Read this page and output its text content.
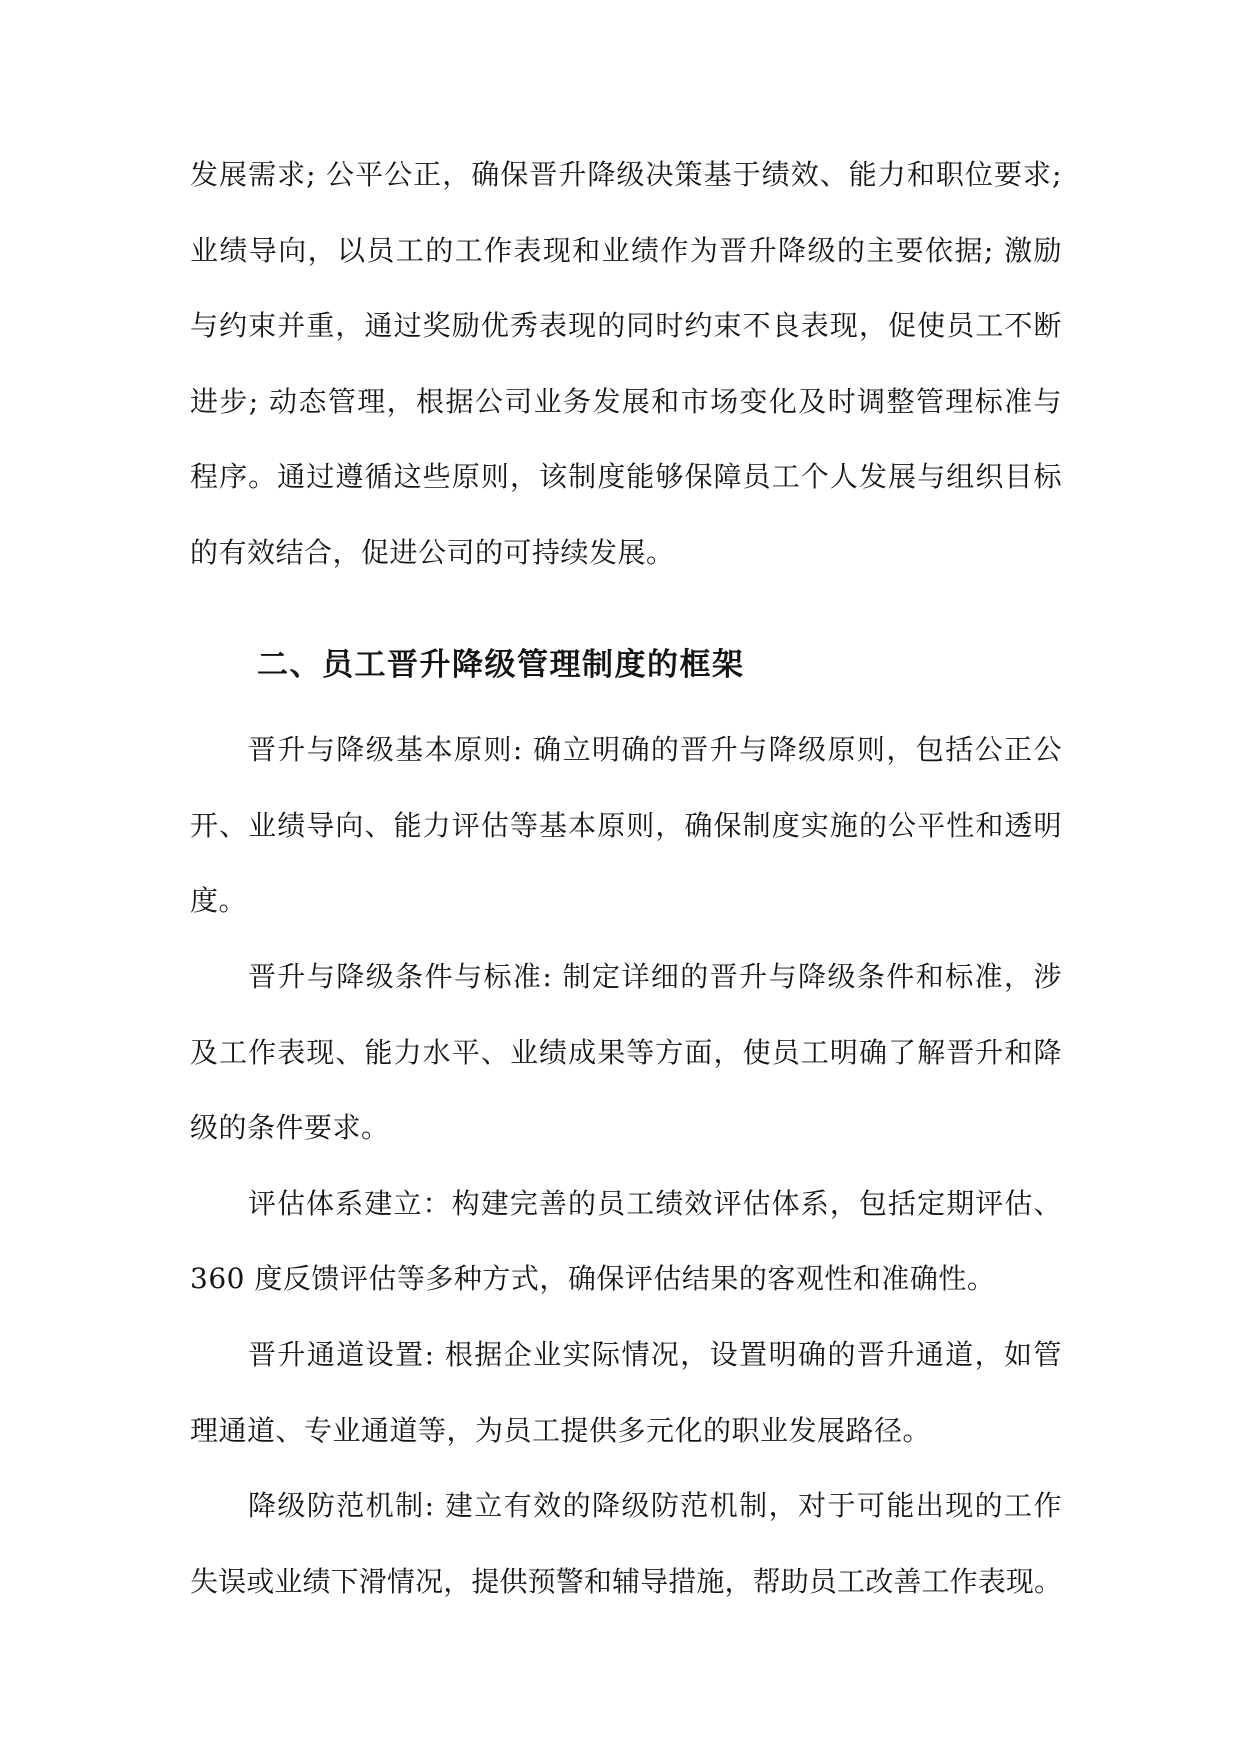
发展需求; 公平公正，确保晋升降级决策基于绩效、能力和职位要求;
业绩导向，以员工的工作表现和业绩作为晋升降级的主要依据; 激励
与约束并重，通过奖励优秀表现的同时约束不良表现，促使员工不断
进步; 动态管理，根据公司业务发展和市场变化及时调整管理标准与
程序。通过遵循这些原则，该制度能够保障员工个人发展与组织目标
的有效结合，促进公司的可持续发展。
二、员工晋升降级管理制度的框架
晋升与降级基本原则: 确立明确的晋升与降级原则，包括公正公
开、业绩导向、能力评估等基本原则，确保制度实施的公平性和透明
度。
晋升与降级条件与标准: 制定详细的晋升与降级条件和标准，涉
及工作表现、能力水平、业绩成果等方面，使员工明确了解晋升和降
级的条件要求。
评估体系建立：构建完善的员工绩效评估体系，包括定期评估、
360 度反馈评估等多种方式，确保评估结果的客观性和准确性。
晋升通道设置: 根据企业实际情况，设置明确的晋升通道，如管
理通道、专业通道等，为员工提供多元化的职业发展路径。
降级防范机制: 建立有效的降级防范机制，对于可能出现的工作
失误或业绩下滑情况，提供预警和辅导措施，帮助员工改善工作表现。
